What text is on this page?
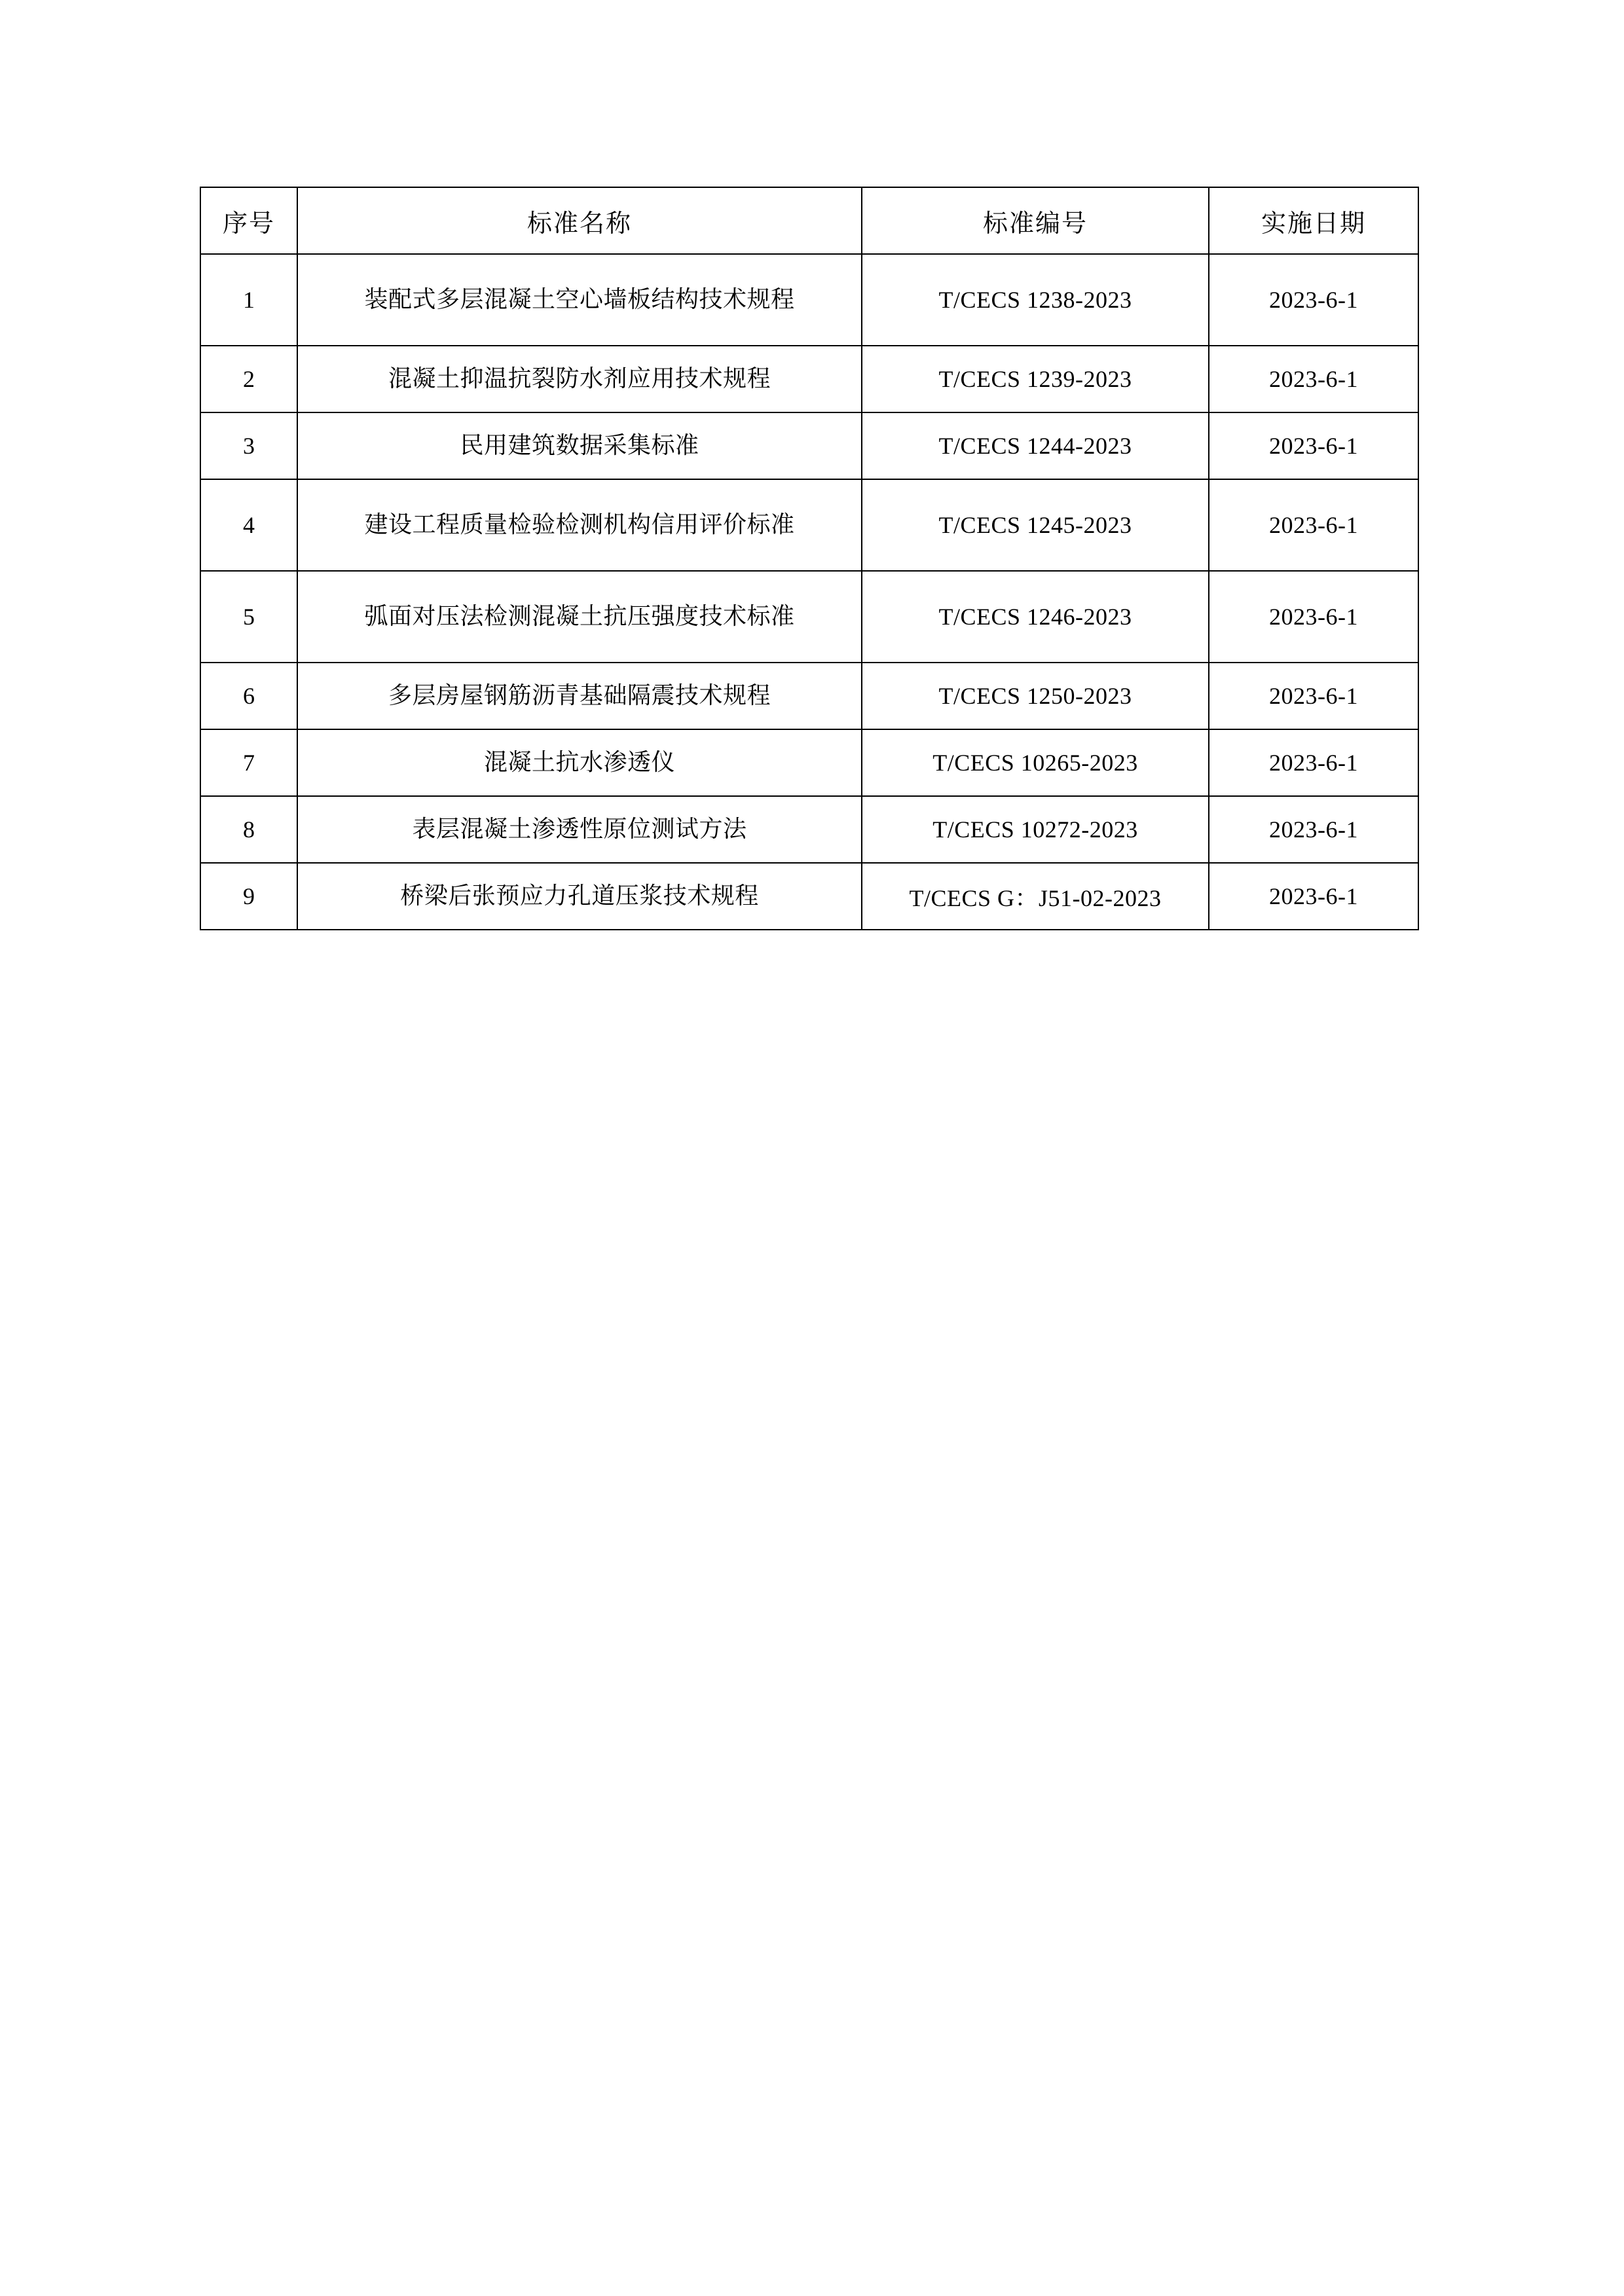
序号	标准名称	标准编号	实施日期
1	装配式多层混凝土空心墙板结构技术规程	T/CECS 1238-2023	2023-6-1
2	混凝土抑温抗裂防水剂应用技术规程	T/CECS 1239-2023	2023-6-1
3	民用建筑数据采集标准	T/CECS 1244-2023	2023-6-1
4	建设工程质量检验检测机构信用评价标准	T/CECS 1245-2023	2023-6-1
5	弧面对压法检测混凝土抗压强度技术标准	T/CECS 1246-2023	2023-6-1
6	多层房屋钢筋沥青基础隔震技术规程	T/CECS 1250-2023	2023-6-1
7	混凝土抗水渗透仪	T/CECS 10265-2023	2023-6-1
8	表层混凝土渗透性原位测试方法	T/CECS 10272-2023	2023-6-1
9	桥梁后张预应力孔道压浆技术规程	T/CECS G：J51-02-2023	2023-6-1
